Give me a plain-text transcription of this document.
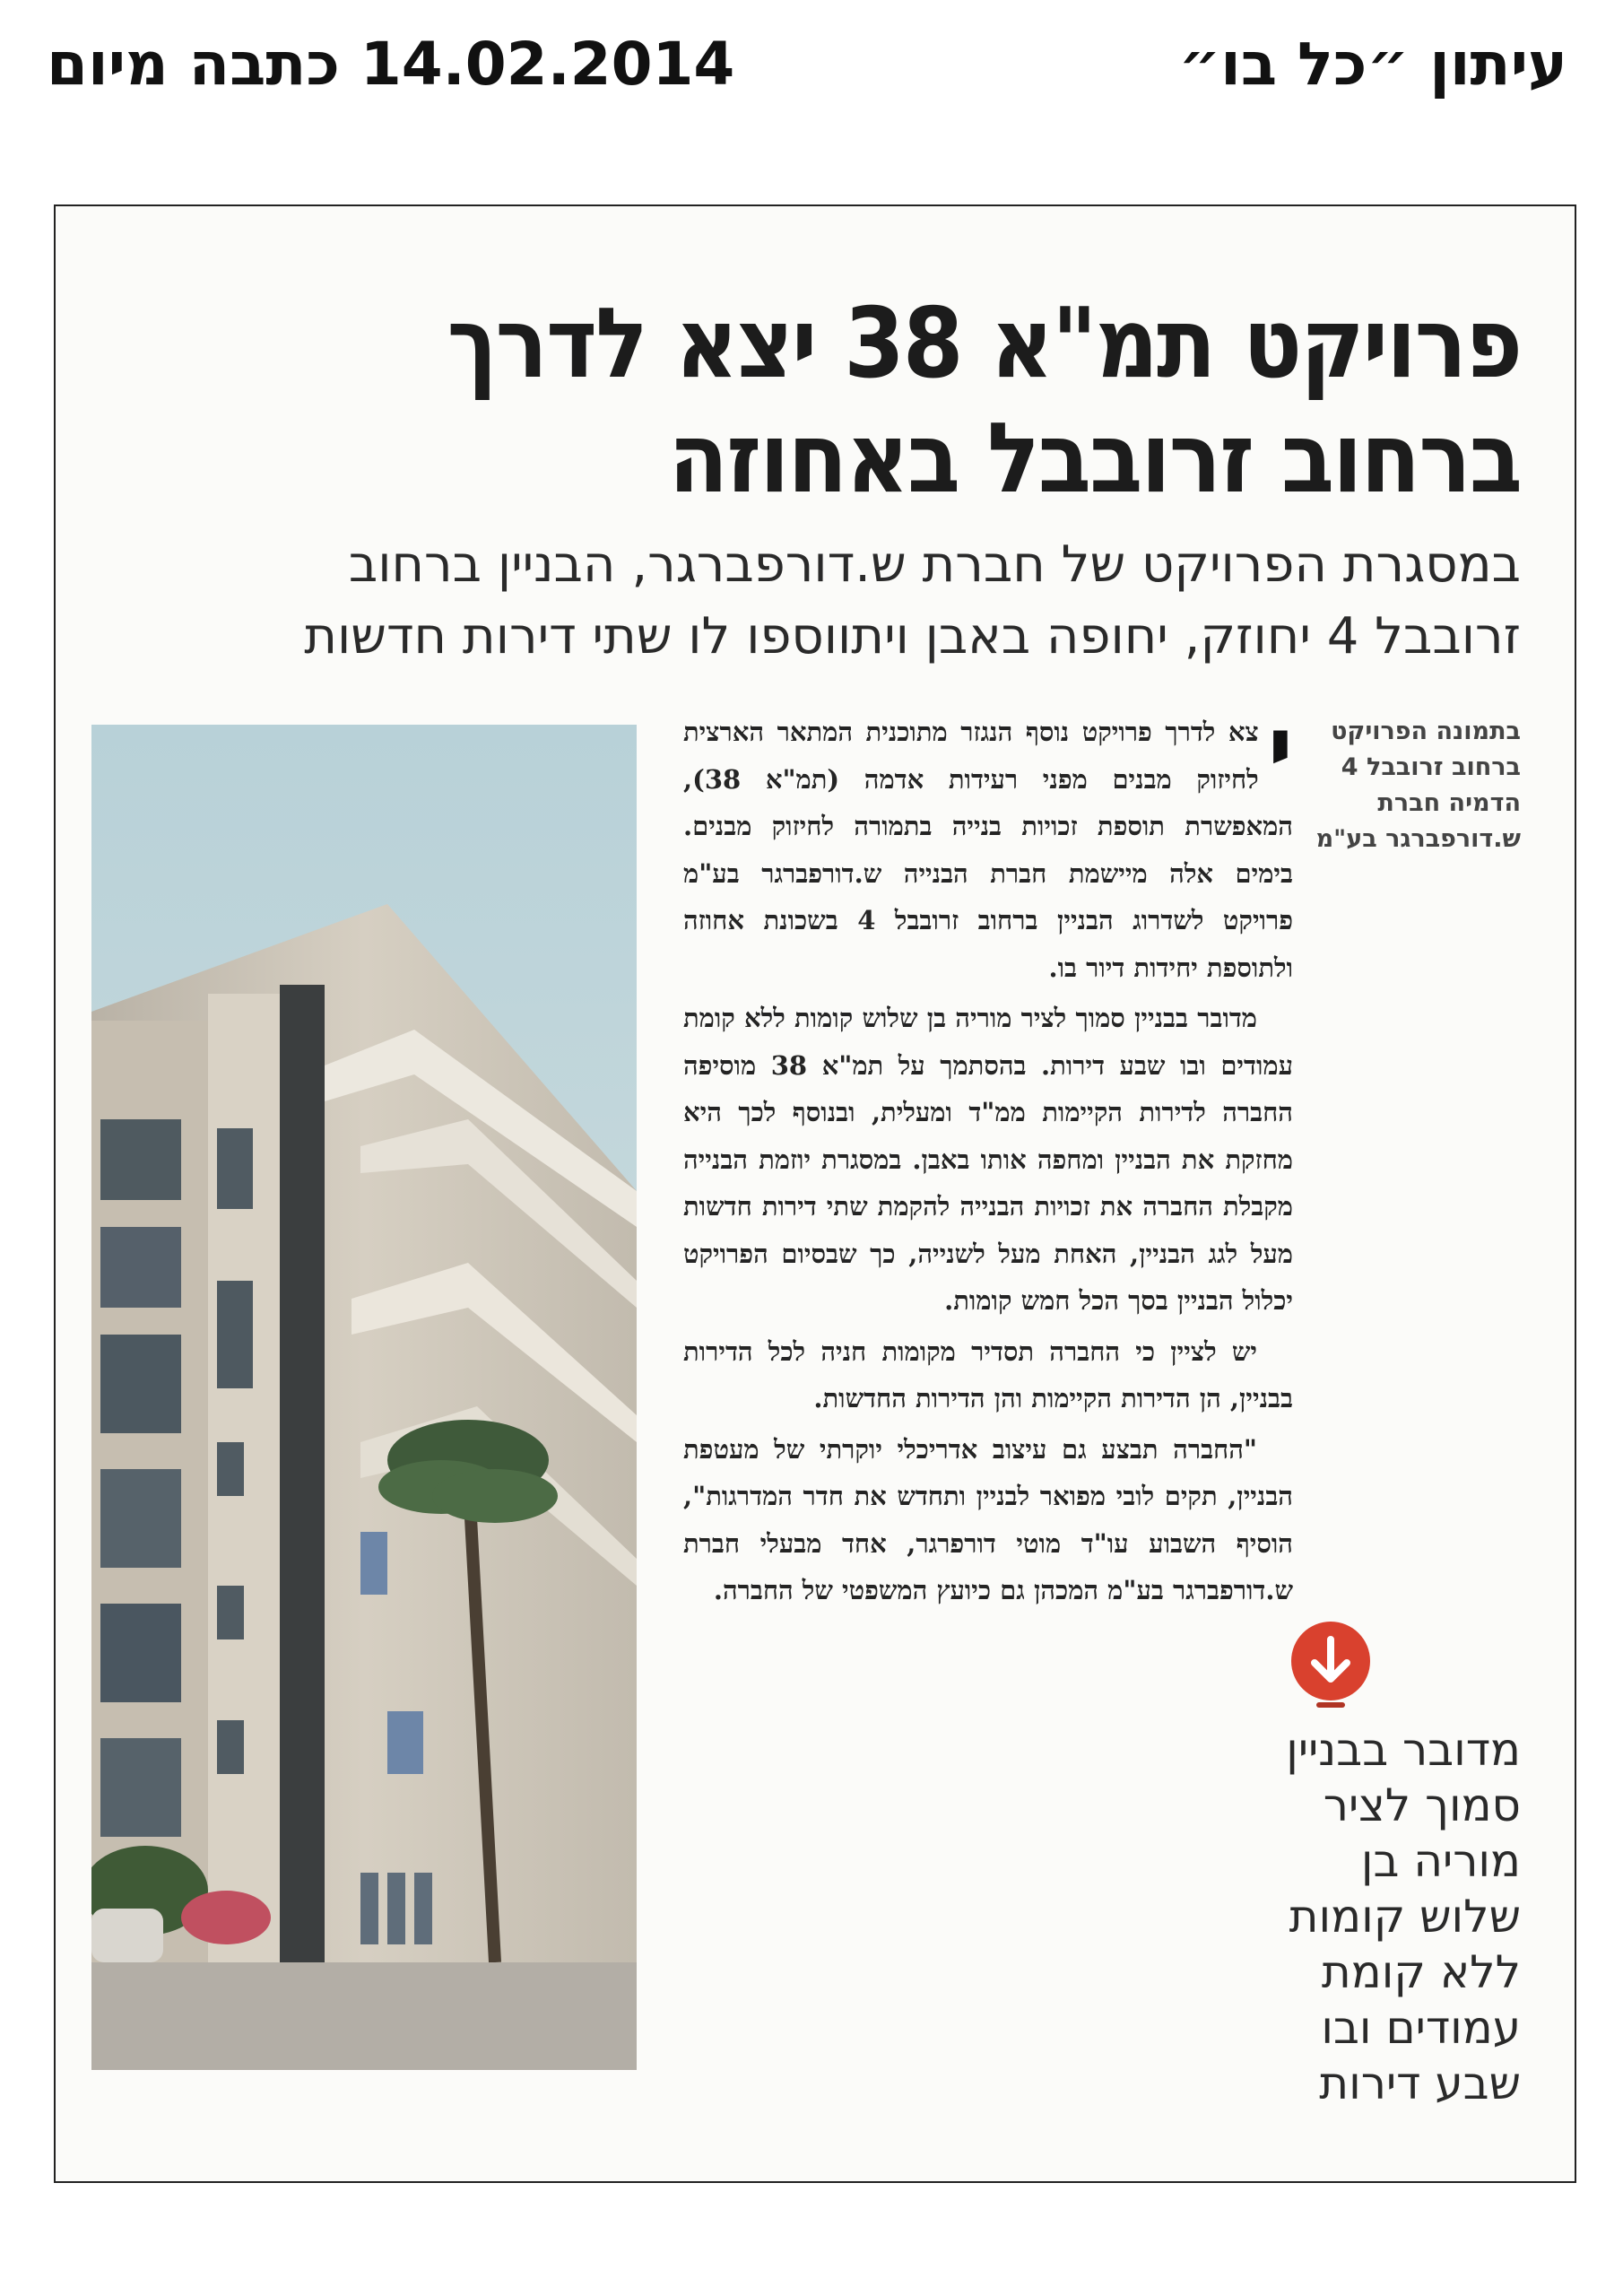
14.02.2014 כתבה מיום	עיתון ״כל בו״
פרויקט תמ"א 38 יצא לדרך
ברחוב זרובבל באחוזה
במסגרת הפרויקט של חברת ש.דורפברגר, הבניין ברחוב
זרובבל 4 יחוזק, יחופה באבן ויתווספו לו שתי דירות חדשות

י
צא לדרך פרויקט נוסף הנגזר מתוכנית המתאר הארצית לחיזוק מבנים מפני רעידות אדמה (תמ"א 38), המאפשרת תוספת זכויות בנייה בתמורה לחיזוק מבנים. בימים אלה מיישמת חברת הבנייה ש.דורפברגר בע"מ פרויקט לשדרוג הבניין ברחוב זרובבל 4 בשכונת אחוזה ולתוספת יחידות דיור בו.

מדובר בבניין סמוך לציר מוריה בן שלוש קומות ללא קומת עמודים ובו שבע דירות. בהסתמך על תמ"א 38 מוסיפה החברה לדירות הקיימות ממ"ד ומעלית, ובנוסף לכך היא מחזקת את הבניין ומחפה אותו באבן. במסגרת יוזמת הבנייה מקבלת החברה את זכויות הבנייה להקמת שתי דירות חדשות מעל לגג הבניין, האחת מעל לשנייה, כך שבסיום הפרויקט יכלול הבניין בסך הכל חמש קומות.

יש לציין כי החברה תסדיר מקומות חניה לכל הדירות בבניין, הן הדירות הקיימות והן הדירות החדשות.

"החברה תבצע גם עיצוב אדריכלי יוקרתי של מעטפת הבניין, תקים לובי מפואר לבניין ותחדש את חדר המדרגות", הוסיף השבוע עו"ד מוטי דורפרגר, אחד מבעלי חברת ש.דורפברגר בע"מ המכהן גם כיועץ המשפטי של החברה.

בתמונה הפרויקט ברחוב זרובבל 4 הדמיה חברת ש.דורפברגר בע"מ
מדובר בבניין סמוך לציר מוריה בן שלוש קומות ללא קומת עמודים ובו שבע דירות
